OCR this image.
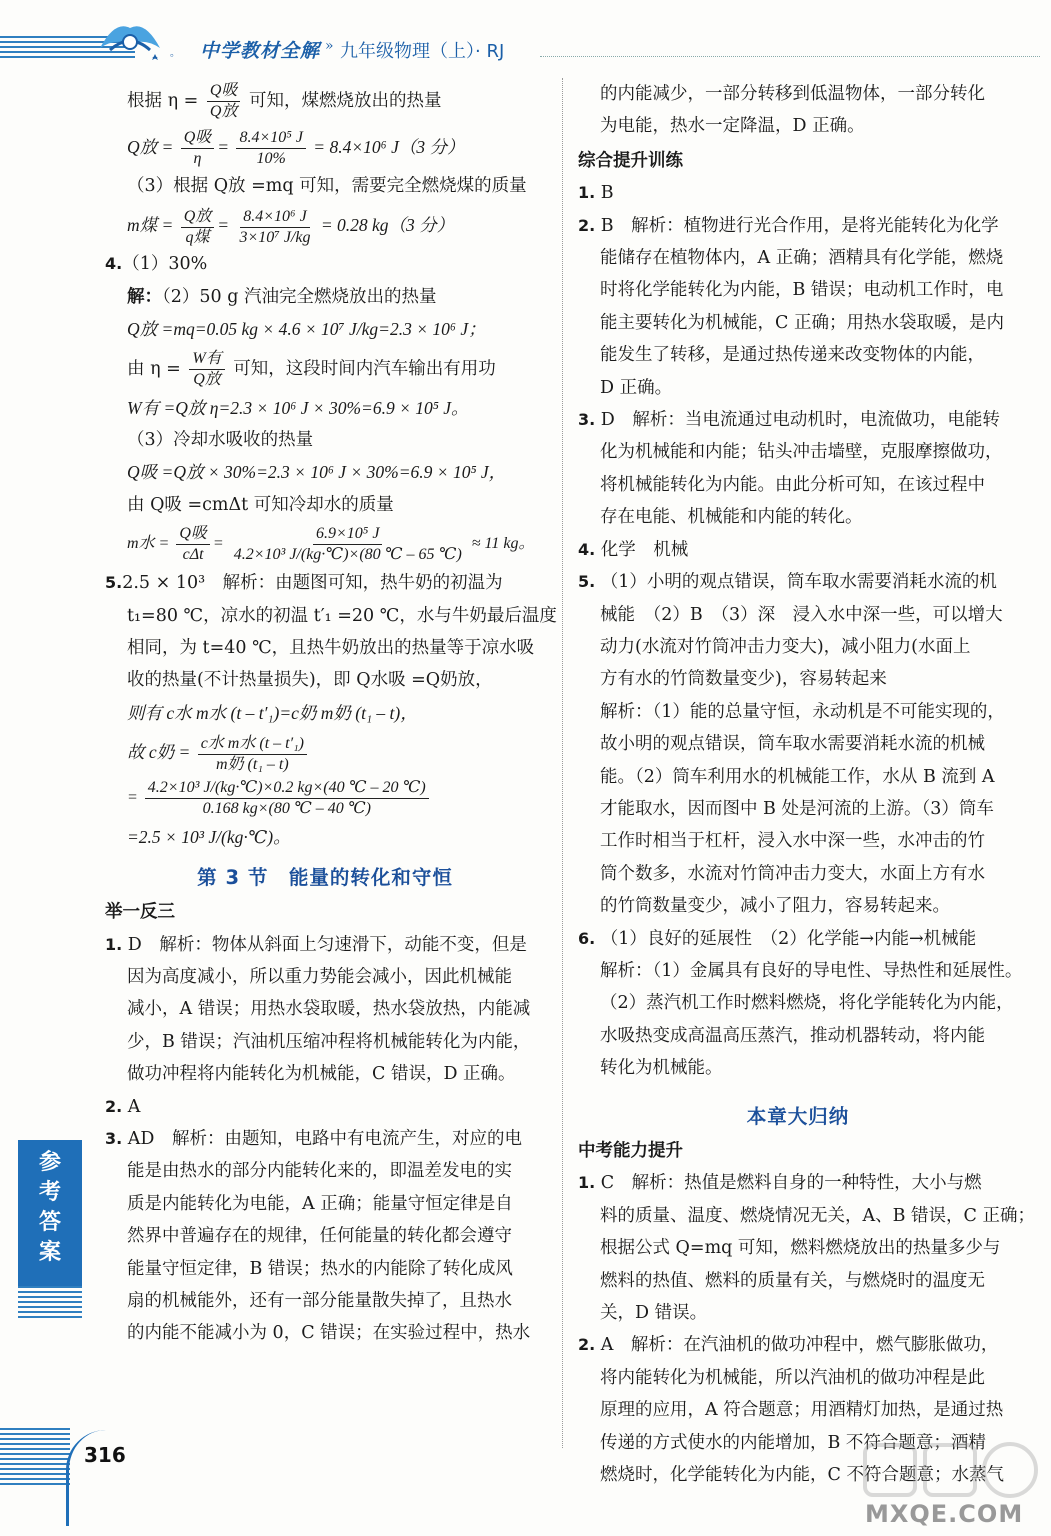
。 中学教材全解 » 九年级物理（上）· RJ
根据 $\eta = \frac{\text{Q吸}}{\text{Q放}}$ 可知，煤燃烧放出的热量
Q放 = $\frac{\text{Q吸}}{\eta} = \frac{\text{8.4×10⁵ J}}{10\%} = 8.4\times 10^6$ J（3 分）
（3）根据 Q放 =mq 可知，需要完全燃烧煤的质量
m煤 = $\frac{\text{Q放}}{\text{q煤}} = \frac{\text{8.4×10⁶ J}}{\text{3×10⁷ J/kg}} = 0.28$ kg（3 分）
4.（1）30%
解：（2）50 g 汽油完全燃烧放出的热量
Q放 =mq=0.05 kg × 4.6 × 10⁷ J/kg=2.3 × 10⁶ J；
由 $\eta = \frac{\text{W有}}{\text{Q放}}$ 可知，这段时间内汽车输出有用功
W有 =Q放 η=2.3 × 10⁶ J × 30%=6.9 × 10⁵ J。
（3）冷却水吸收的热量
Q吸 =Q放 × 30%=2.3 × 10⁶ J × 30%=6.9 × 10⁵ J，
由 Q吸 =cmΔt 可知冷却水的质量
m水 = $\frac{\text{Q吸}}{\text{cΔt}} = \frac{\text{6.9×10⁵ J}}{\text{4.2×10³ J/(kg·℃)×(80 ℃ – 65 ℃)}} \approx 11$ kg。
5.2.5 × 10³　解析：由题图可知，热牛奶的初温为
t₁=80 ℃，凉水的初温 t′₁ =20 ℃，水与牛奶最后温度
相同，为 t=40 ℃，且热牛奶放出的热量等于凉水吸
收的热量(不计热量损失)，即 Q水吸 =Q奶放，
则有 c水 m水 (t – t′₁)=c奶 m奶 (t₁ – t)，
故 c奶 = $\frac{\text{c水 m水 (t – t′₁)}}{\text{m奶 (t₁ – t)}}$
= $\frac{\text{4.2×10³ J/(kg·℃)×0.2 kg×(40 ℃ – 20 ℃)}}{0.168 kg\times(80 ℃ - 40 ℃)}$
=2.5 × 10³ J/(kg·℃)。
第 3 节　能量的转化和守恒
举一反三
1. D　解析：物体从斜面上匀速滑下，动能不变，但是
因为高度减小，所以重力势能会减小，因此机械能
减小，A 错误；用热水袋取暖，热水袋放热，内能减
少，B 错误；汽油机压缩冲程将机械能转化为内能，
做功冲程将内能转化为机械能，C 错误，D 正确。
2. A
3. AD　解析：由题知，电路中有电流产生，对应的电
能是由热水的部分内能转化来的，即温差发电的实
质是内能转化为电能，A 正确；能量守恒定律是自
然界中普遍存在的规律，任何能量的转化都会遵守
能量守恒定律，B 错误；热水的内能除了转化成风
扇的机械能外，还有一部分能量散失掉了，且热水
的内能不能减小为 0，C 错误；在实验过程中，热水
的内能减少，一部分转移到低温物体，一部分转化
为电能，热水一定降温，D 正确。
综合提升训练
1. B
2. B　解析：植物进行光合作用，是将光能转化为化学
能储存在植物体内，A 正确；酒精具有化学能，燃烧
时将化学能转化为内能，B 错误；电动机工作时，电
能主要转化为机械能，C 正确；用热水袋取暖，是内
能发生了转移，是通过热传递来改变物体的内能，
D 正确。
3. D　解析：当电流通过电动机时，电流做功，电能转
化为机械能和内能；钻头冲击墙壁，克服摩擦做功，
将机械能转化为内能。由此分析可知，在该过程中
存在电能、机械能和内能的转化。
4. 化学　机械
5. （1）小明的观点错误，筒车取水需要消耗水流的机
械能　（2）B　（3）深　浸入水中深一些，可以增大
动力(水流对竹筒冲击力变大)，减小阻力(水面上
方有水的竹筒数量变少)，容易转起来
解析：（1）能的总量守恒，永动机是不可能实现的，
故小明的观点错误，筒车取水需要消耗水流的机械
能。（2）筒车利用水的机械能工作，水从 B 流到 A
才能取水，因而图中 B 处是河流的上游。（3）筒车
工作时相当于杠杆，浸入水中深一些，水冲击的竹
筒个数多，水流对竹筒冲击力变大，水面上方有水
的竹筒数量变少，减小了阻力，容易转起来。
6. （1）良好的延展性　（2）化学能→内能→机械能
解析：（1）金属具有良好的导电性、导热性和延展性。
（2）蒸汽机工作时燃料燃烧，将化学能转化为内能，
水吸热变成高温高压蒸汽，推动机器转动，将内能
转化为机械能。
本章大归纳
中考能力提升
1. C　解析：热值是燃料自身的一种特性，大小与燃
料的质量、温度、燃烧情况无关，A、B 错误，C 正确；
根据公式 Q=mq 可知，燃料燃烧放出的热量多少与
燃料的热值、燃料的质量有关，与燃烧时的温度无
关，D 错误。
2. A　解析：在汽油机的做功冲程中，燃气膨胀做功，
将内能转化为机械能，所以汽油机的做功冲程是此
原理的应用，A 符合题意；用酒精灯加热，是通过热
传递的方式使水的内能增加，B 不符合题意；酒精
燃烧时，化学能转化为内能，C 不符合题意；水蒸气
参考答案
316
MXQE.COM
